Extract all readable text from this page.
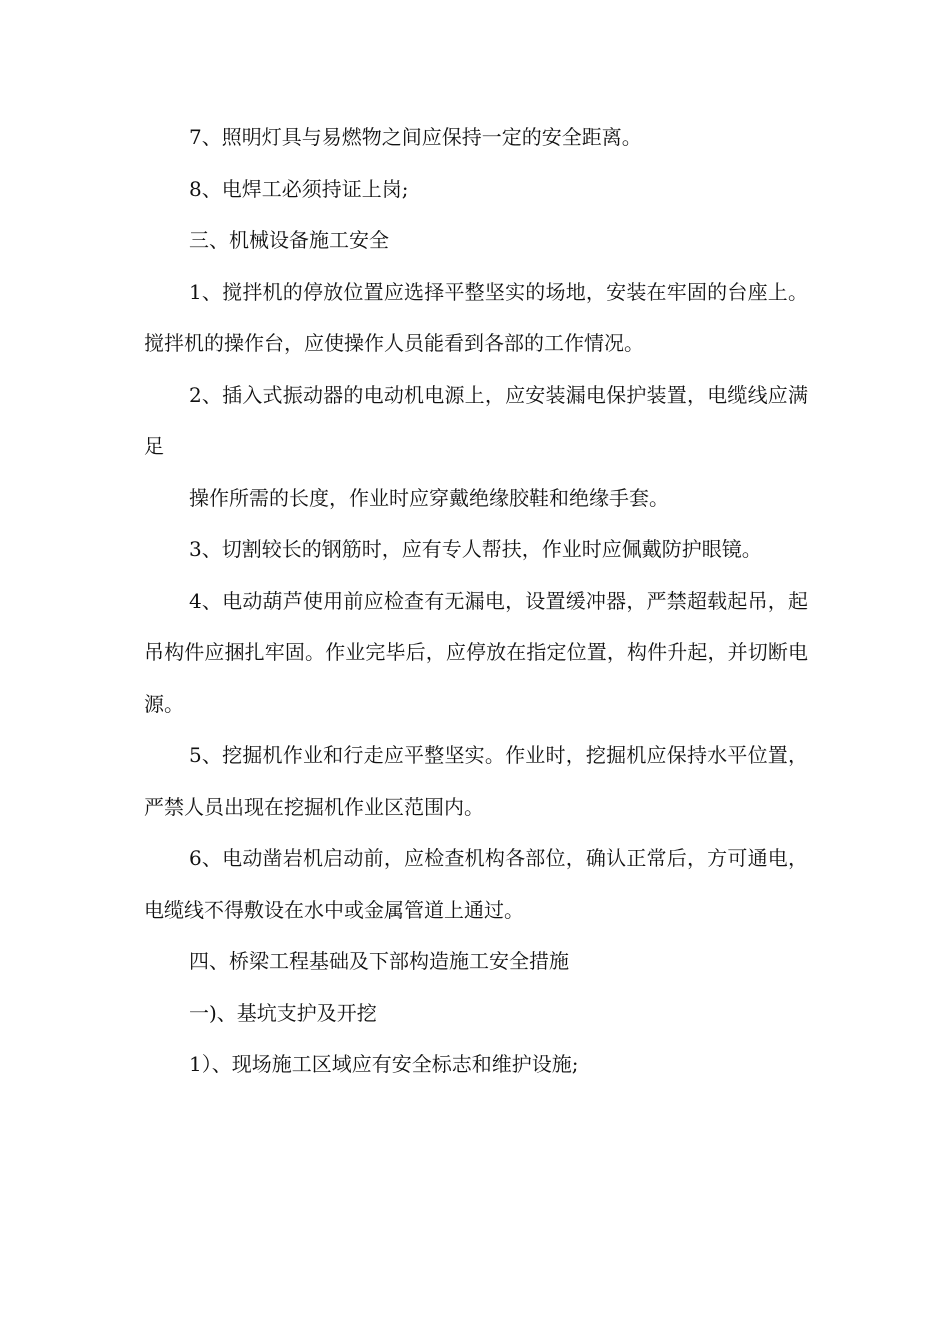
7、照明灯具与易燃物之间应保持一定的安全距离。

8、电焊工必须持证上岗;

三、机械设备施工安全

1、搅拌机的停放位置应选择平整坚实的场地，安装在牢固的台座上。搅拌机的操作台，应使操作人员能看到各部的工作情况。

2、插入式振动器的电动机电源上，应安装漏电保护装置，电缆线应满足

操作所需的长度，作业时应穿戴绝缘胶鞋和绝缘手套。

3、切割较长的钢筋时，应有专人帮扶，作业时应佩戴防护眼镜。

4、电动葫芦使用前应检查有无漏电，设置缓冲器，严禁超载起吊，起吊构件应捆扎牢固。作业完毕后，应停放在指定位置，构件升起，并切断电源。

5、挖掘机作业和行走应平整坚实。作业时，挖掘机应保持水平位置，严禁人员出现在挖掘机作业区范围内。

6、电动凿岩机启动前，应检查机构各部位，确认正常后，方可通电，电缆线不得敷设在水中或金属管道上通过。

四、桥梁工程基础及下部构造施工安全措施

一)、基坑支护及开挖

1）、现场施工区域应有安全标志和维护设施;
